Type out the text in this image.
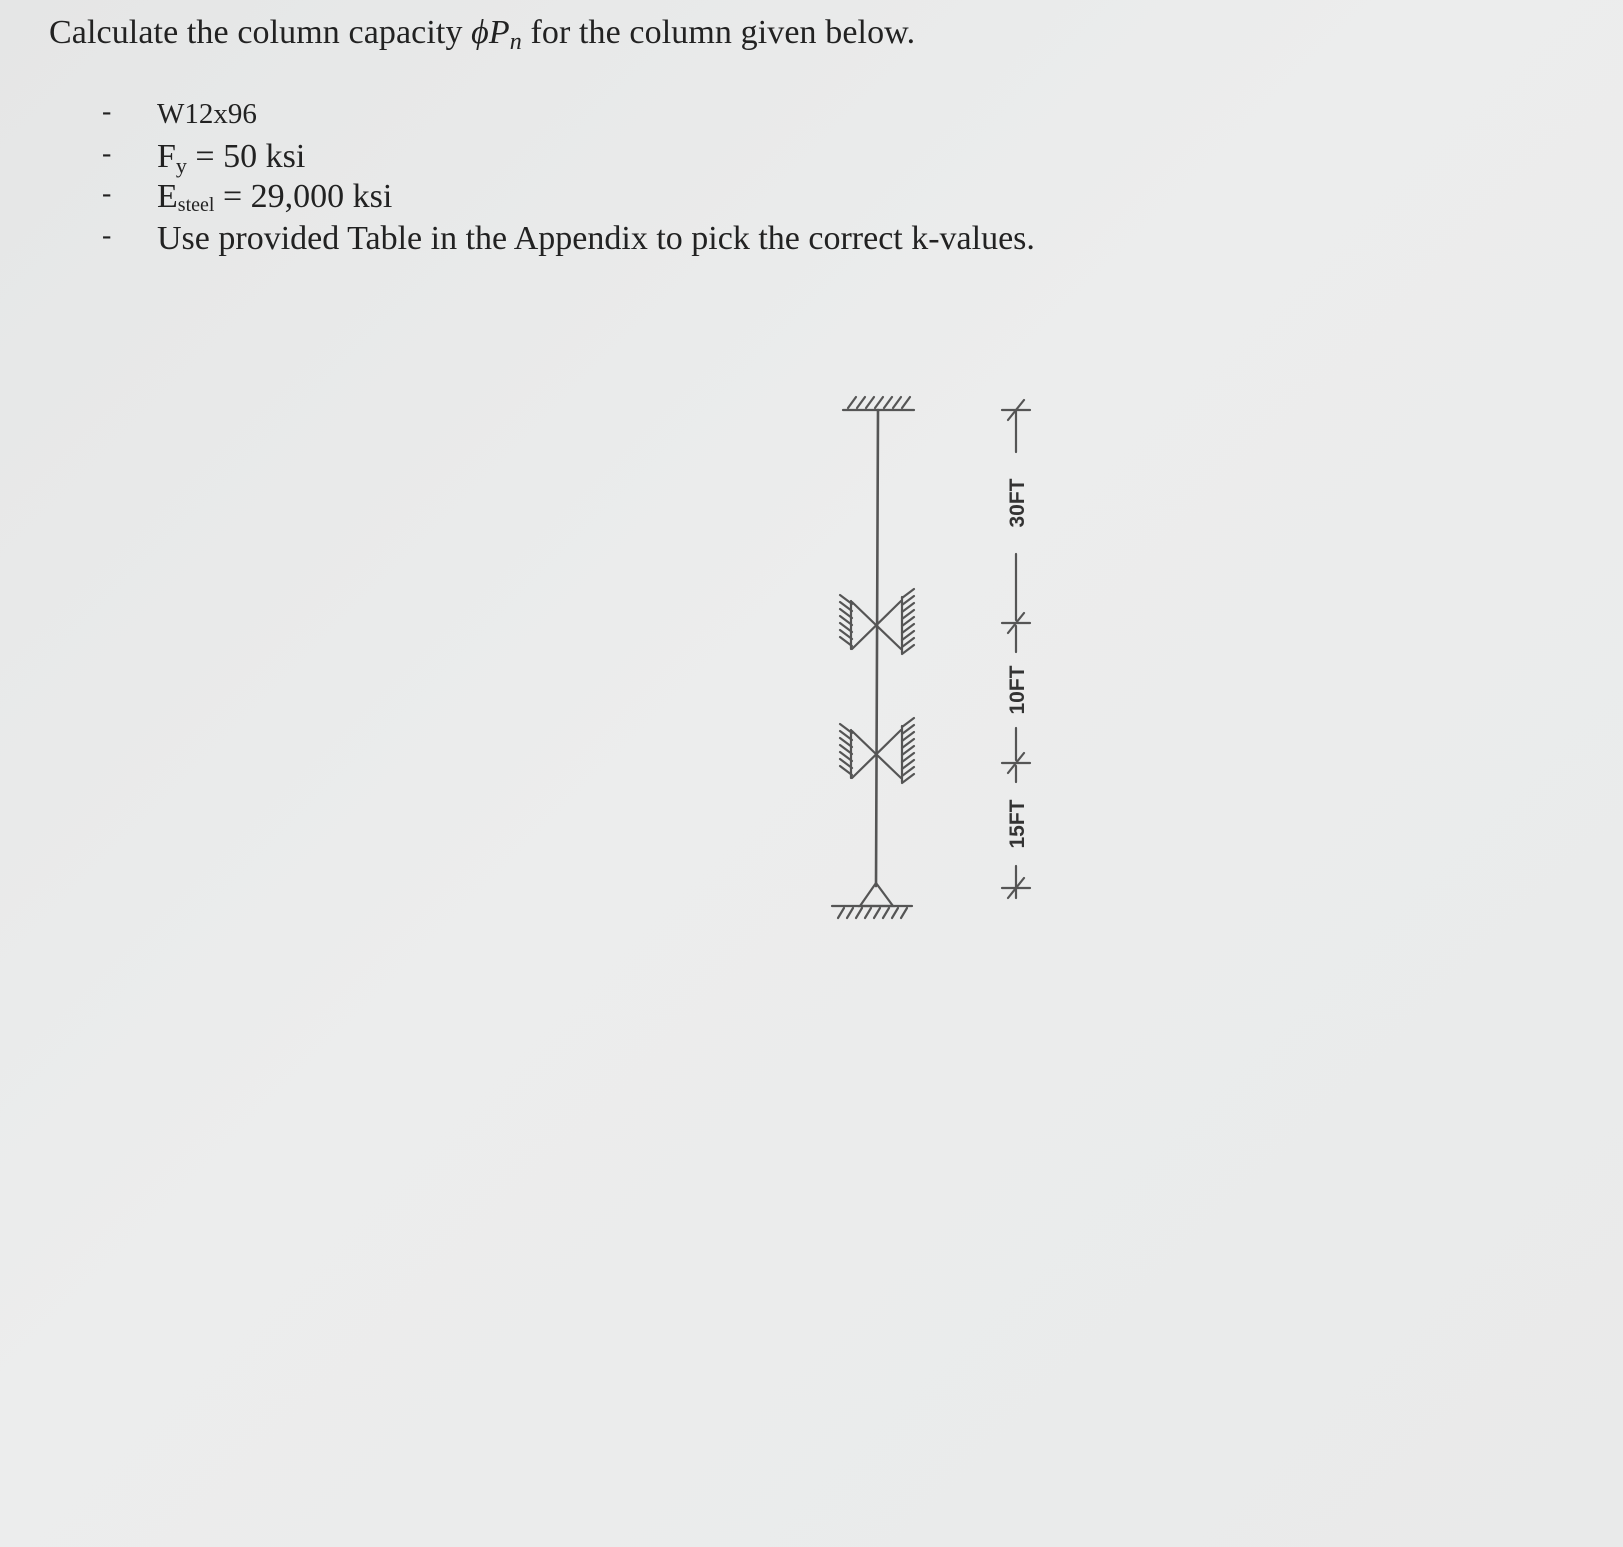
Calculate the column capacity $\phi P_n$ for the column given below.
- W12x96
- $F_y = 50$ ksi
- $E_{steel} = 29,000$ ksi
- Use provided Table in the Appendix to pick the correct k-values.
30FT
10FT
15FT
